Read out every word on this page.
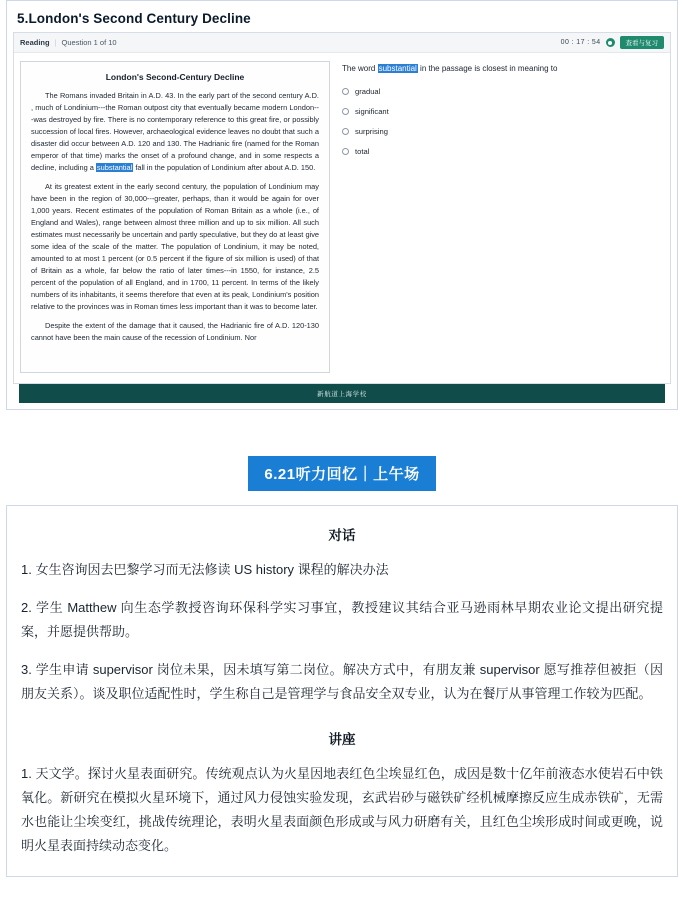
5.London's Second Century Decline
Reading | Question 1 of 10	00 : 17 : 54	查看与复习
London's Second-Century Decline

The Romans invaded Britain in A.D. 43. In the early part of the second century A.D. , much of Londinium---the Roman outpost city that eventually became modern London---was destroyed by fire. There is no contemporary reference to this great fire, or possibly succession of local fires. However, archaeological evidence leaves no doubt that such a disaster did occur between A.D. 120 and 130. The Hadrianic fire (named for the Roman emperor of that time) marks the onset of a profound change, and in some respects a decline, including a substantial fall in the population of Londinium after about A.D. 150.

At its greatest extent in the early second century, the population of Londinium may have been in the region of 30,000---greater, perhaps, than it would be again for over 1,000 years. Recent estimates of the population of Roman Britain as a whole (i.e., of England and Wales), range between almost three million and up to six million. All such estimates must necessarily be uncertain and partly speculative, but they do at least give some idea of the scale of the matter. The population of Londinium, it may be noted, amounted to at most 1 percent (or 0.5 percent if the figure of six million is used) of that of Britain as a whole, far below the ratio of later times---in 1550, for instance, 2.5 percent of the population of all England, and in 1700, 11 percent. In terms of the likely numbers of its inhabitants, it seems therefore that even at its peak, Londinium's position relative to the provinces was in Roman times less important than it was to become later.

Despite the extent of the damage that it caused, the Hadrianic fire of A.D. 120-130 cannot have been the main cause of the recession of Londinium. Nor

The word substantial in the passage is closest in meaning to
gradual
significant
surprising
total
新航道上海学校
6.21听力回忆｜上午场
对话

1. 女生咨询因去巴黎学习而无法修读 US history 课程的解决办法

2. 学生 Matthew 向生态学教授咨询环保科学实习事宜，教授建议其结合亚马逊雨林早期农业论文提出研究提案，并愿提供帮助。

3. 学生申请 supervisor 岗位未果，因未填写第二岗位。解决方式中，有朋友兼 supervisor 愿写推荐但被拒（因朋友关系）。谈及职位适配性时，学生称自己是管理学与食品安全双专业，认为在餐厅从事管理工作较为匹配。

讲座

1. 天文学。探讨火星表面研究。传统观点认为火星因地表红色尘埃显红色，成因是数十亿年前液态水使岩石中铁氧化。新研究在模拟火星环境下，通过风力侵蚀实验发现，玄武岩砂与磁铁矿经机械摩擦反应生成赤铁矿，无需水也能让尘埃变红，挑战传统理论，表明火星表面颜色形成或与风力研磨有关，且红色尘埃形成时间或更晚，说明火星表面持续动态变化。
